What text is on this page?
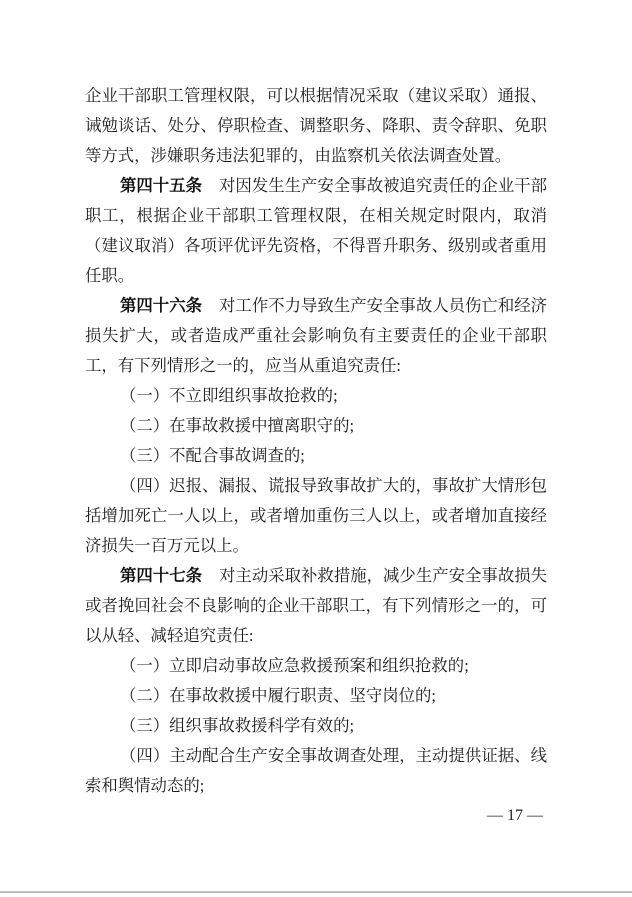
企业干部职工管理权限，可以根据情况采取（建议采取）通报、诫勉谈话、处分、停职检查、调整职务、降职、责令辞职、免职等方式，涉嫌职务违法犯罪的，由监察机关依法调查处置。

第四十五条 对因发生生产安全事故被追究责任的企业干部职工，根据企业干部职工管理权限，在相关规定时限内，取消（建议取消）各项评优评先资格，不得晋升职务、级别或者重用任职。

第四十六条 对工作不力导致生产安全事故人员伤亡和经济损失扩大，或者造成严重社会影响负有主要责任的企业干部职工，有下列情形之一的，应当从重追究责任:

（一）不立即组织事故抢救的;

（二）在事故救援中擅离职守的;

（三）不配合事故调查的;

（四）迟报、漏报、谎报导致事故扩大的，事故扩大情形包括增加死亡一人以上，或者增加重伤三人以上，或者增加直接经济损失一百万元以上。

第四十七条 对主动采取补救措施，减少生产安全事故损失或者挽回社会不良影响的企业干部职工，有下列情形之一的，可以从轻、减轻追究责任:

（一）立即启动事故应急救援预案和组织抢救的;

（二）在事故救援中履行职责、坚守岗位的;

（三）组织事故救援科学有效的;

（四）主动配合生产安全事故调查处理，主动提供证据、线索和舆情动态的;

— 17 —
